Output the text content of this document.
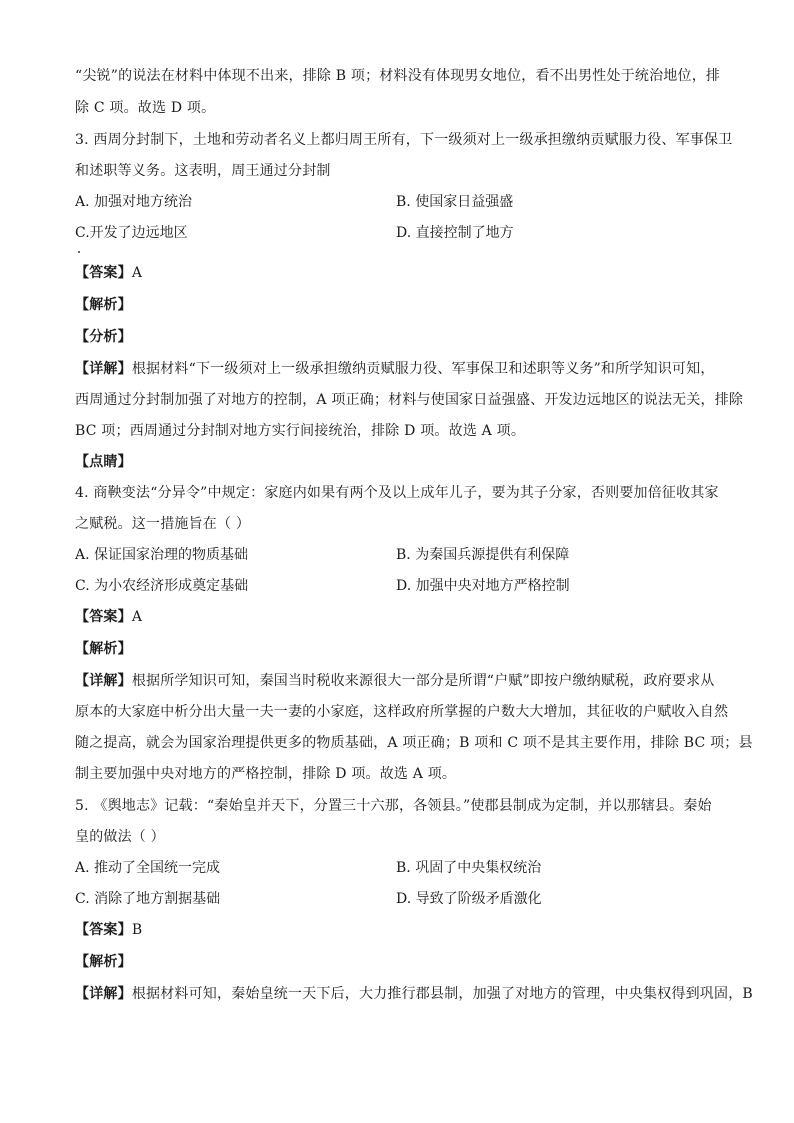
“尖锐”的说法在材料中体现不出来，排除 B 项；材料没有体现男女地位，看不出男性处于统治地位，排
除 C 项。故选 D 项。
3. 西周分封制下，土地和劳动者名义上都归周王所有，下一级须对上一级承担缴纳贡赋服力役、军事保卫
和述职等义务。这表明，周王通过分封制
A. 加强对地方统治	B. 使国家日益强盛
C.开发了边远地区	D. 直接控制了地方
【答案】A
【解析】
【分析】
【详解】根据材料“下一级须对上一级承担缴纳贡赋服力役、军事保卫和述职等义务”和所学知识可知，
西周通过分封制加强了对地方的控制，A 项正确；材料与使国家日益强盛、开发边远地区的说法无关，排除
BC 项；西周通过分封制对地方实行间接统治，排除 D 项。故选 A 项。
【点睛】
4. 商鞅变法“分异令”中规定：家庭内如果有两个及以上成年儿子，要为其子分家，否则要加倍征收其家
之赋税。这一措施旨在（ ）
A. 保证国家治理的物质基础	B. 为秦国兵源提供有利保障
C. 为小农经济形成奠定基础	D. 加强中央对地方严格控制
【答案】A
【解析】
【详解】根据所学知识可知，秦国当时税收来源很大一部分是所谓“户赋”即按户缴纳赋税，政府要求从
原本的大家庭中析分出大量一夫一妻的小家庭，这样政府所掌握的户数大大增加，其征收的户赋收入自然
随之提高，就会为国家治理提供更多的物质基础，A 项正确；B 项和 C 项不是其主要作用，排除 BC 项；县
制主要加强中央对地方的严格控制，排除 D 项。故选 A 项。
5. 《舆地志》记载：“秦始皇并天下，分置三十六那，各领县。”使郡县制成为定制，并以那辖县。秦始
皇的做法（ ）
A. 推动了全国统一完成	B. 巩固了中央集权统治
C. 消除了地方割据基础	D. 导致了阶级矛盾激化
【答案】B
【解析】
【详解】根据材料可知，秦始皇统一天下后，大力推行郡县制，加强了对地方的管理，中央集权得到巩固，B
